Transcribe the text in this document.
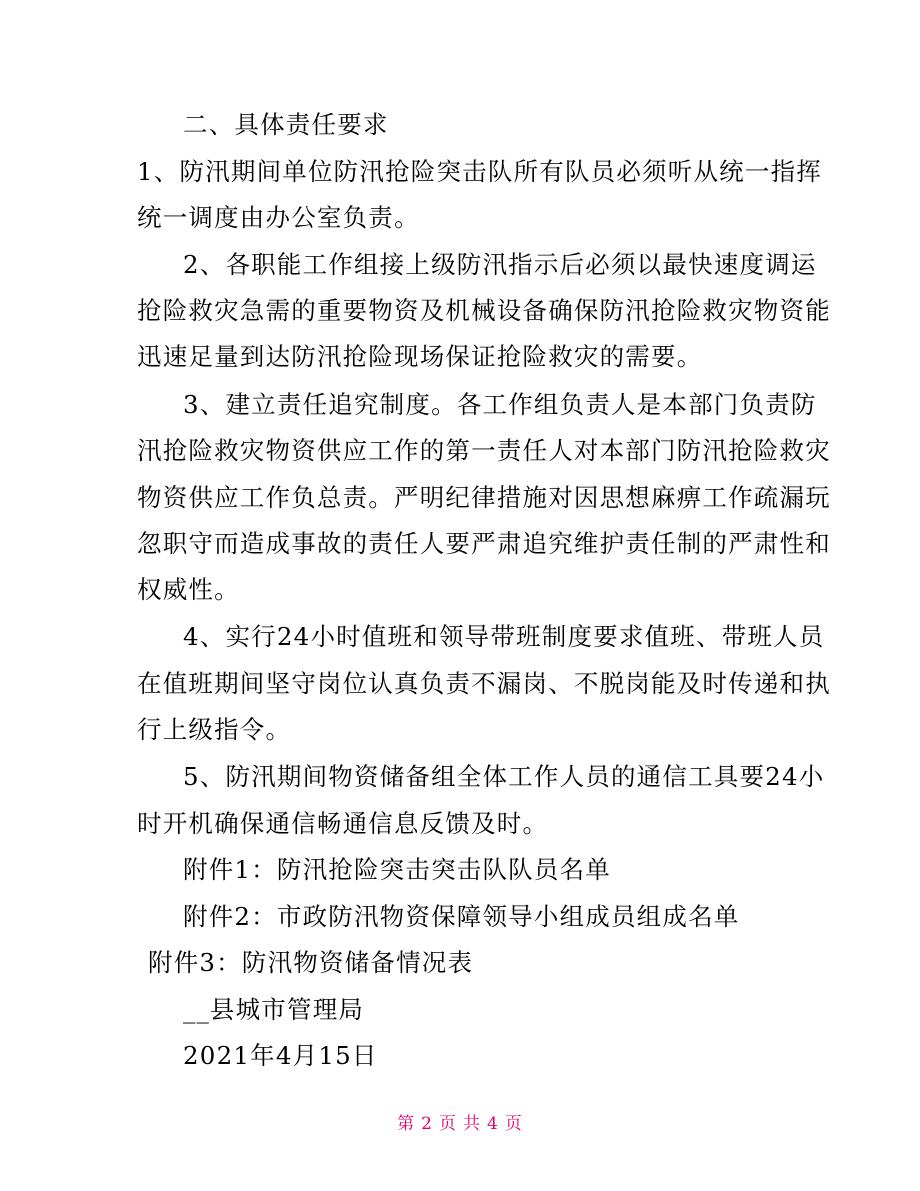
二、具体责任要求
1、防汛期间单位防汛抢险突击队所有队员必须听从统一指挥
统一调度由办公室负责。
2、各职能工作组接上级防汛指示后必须以最快速度调运
抢险救灾急需的重要物资及机械设备确保防汛抢险救灾物资能
迅速足量到达防汛抢险现场保证抢险救灾的需要。
3、建立责任追究制度。各工作组负责人是本部门负责防
汛抢险救灾物资供应工作的第一责任人对本部门防汛抢险救灾
物资供应工作负总责。严明纪律措施对因思想麻痹工作疏漏玩
忽职守而造成事故的责任人要严肃追究维护责任制的严肃性和
权威性。
4、实行24小时值班和领导带班制度要求值班、带班人员
在值班期间坚守岗位认真负责不漏岗、不脱岗能及时传递和执
行上级指令。
5、防汛期间物资储备组全体工作人员的通信工具要24小
时开机确保通信畅通信息反馈及时。
附件1：防汛抢险突击突击队队员名单
附件2：市政防汛物资保障领导小组成员组成名单
附件3：防汛物资储备情况表
__县城市管理局
2021年4月15日
第 2 页 共 4 页
